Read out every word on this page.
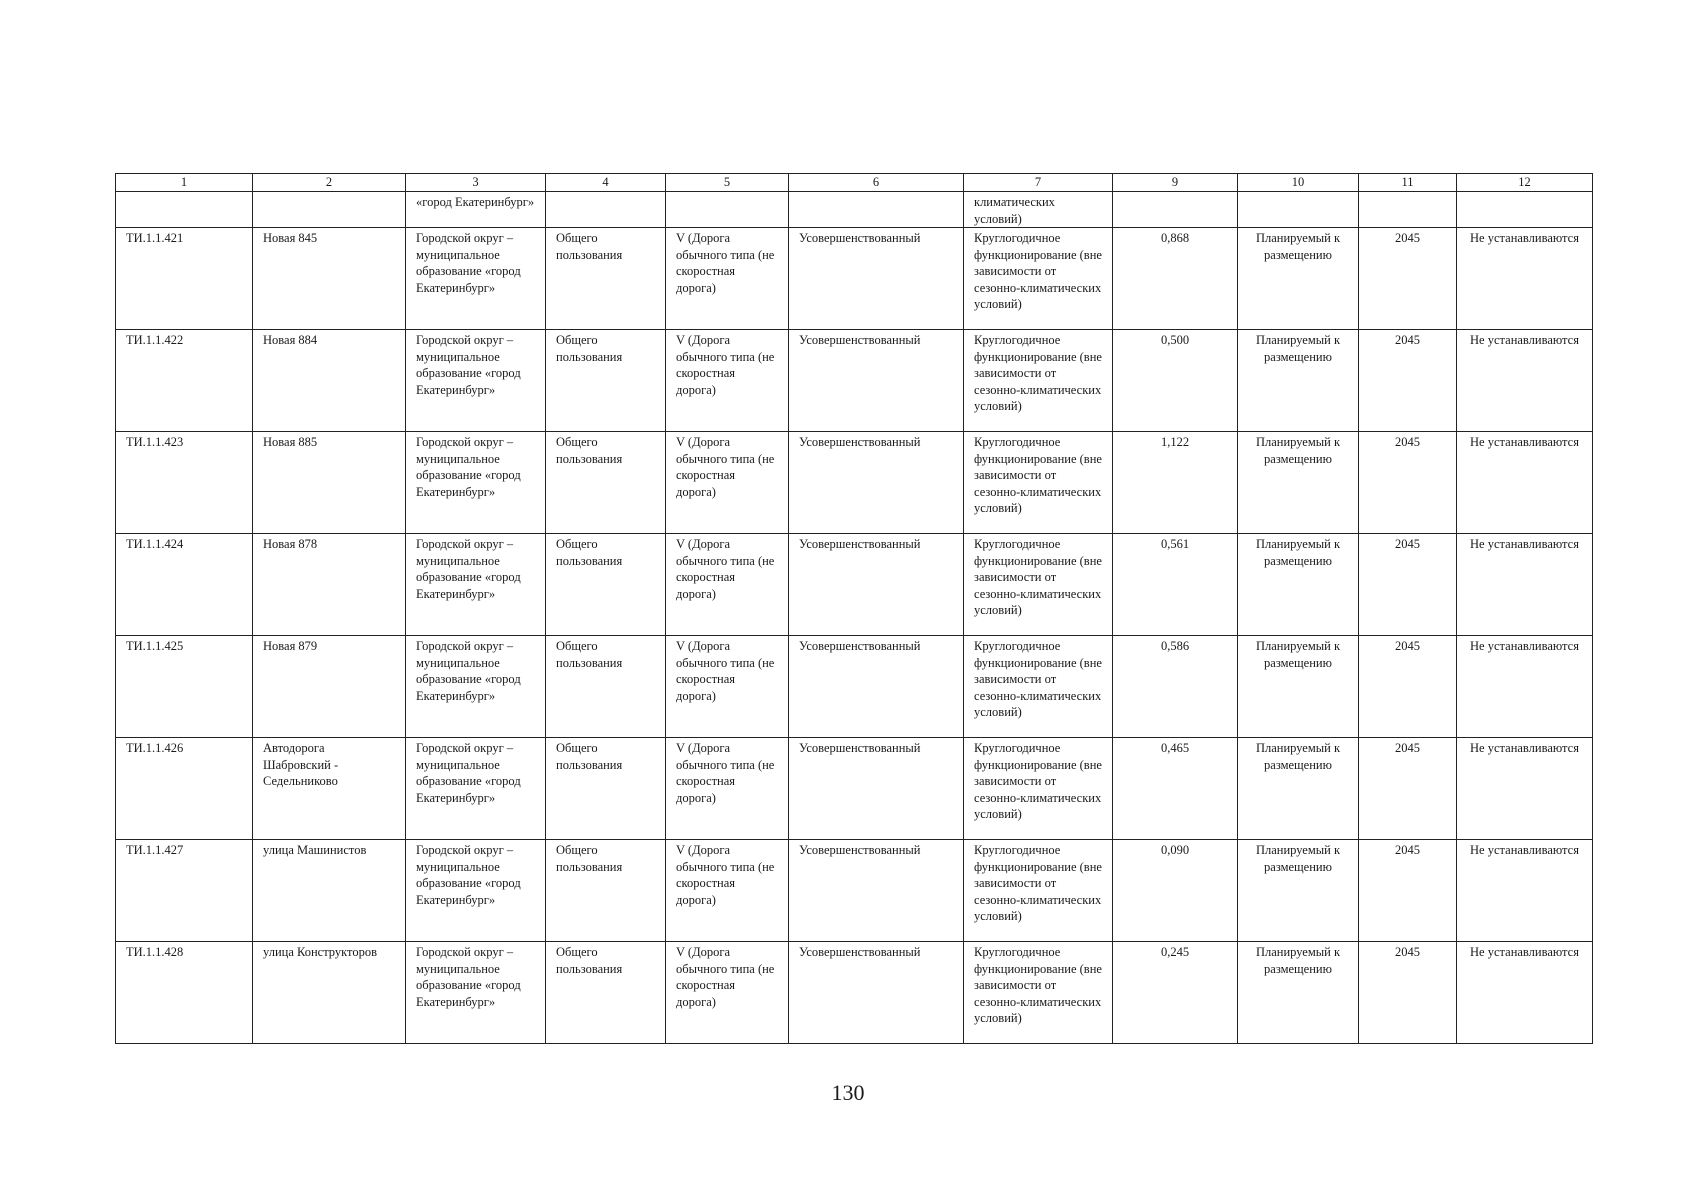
1	2	3	4	5	6	7	9	10	11	12
		«город Екатеринбург»				климатических условий)				
ТИ.1.1.421	Новая 845	Городской округ – муниципальное образование «город Екатеринбург»	Общего пользования	V (Дорога обычного типа (не скоростная дорога)	Усовершенствованный	Круглогодичное функционирование (вне зависимости от сезонно-климатических условий)	0,868	Планируемый к размещению	2045	Не устанавливаются
ТИ.1.1.422	Новая 884	Городской округ – муниципальное образование «город Екатеринбург»	Общего пользования	V (Дорога обычного типа (не скоростная дорога)	Усовершенствованный	Круглогодичное функционирование (вне зависимости от сезонно-климатических условий)	0,500	Планируемый к размещению	2045	Не устанавливаются
ТИ.1.1.423	Новая 885	Городской округ – муниципальное образование «город Екатеринбург»	Общего пользования	V (Дорога обычного типа (не скоростная дорога)	Усовершенствованный	Круглогодичное функционирование (вне зависимости от сезонно-климатических условий)	1,122	Планируемый к размещению	2045	Не устанавливаются
ТИ.1.1.424	Новая 878	Городской округ – муниципальное образование «город Екатеринбург»	Общего пользования	V (Дорога обычного типа (не скоростная дорога)	Усовершенствованный	Круглогодичное функционирование (вне зависимости от сезонно-климатических условий)	0,561	Планируемый к размещению	2045	Не устанавливаются
ТИ.1.1.425	Новая 879	Городской округ – муниципальное образование «город Екатеринбург»	Общего пользования	V (Дорога обычного типа (не скоростная дорога)	Усовершенствованный	Круглогодичное функционирование (вне зависимости от сезонно-климатических условий)	0,586	Планируемый к размещению	2045	Не устанавливаются
ТИ.1.1.426	Автодорога Шабровский - Седельниково	Городской округ – муниципальное образование «город Екатеринбург»	Общего пользования	V (Дорога обычного типа (не скоростная дорога)	Усовершенствованный	Круглогодичное функционирование (вне зависимости от сезонно-климатических условий)	0,465	Планируемый к размещению	2045	Не устанавливаются
ТИ.1.1.427	улица Машинистов	Городской округ – муниципальное образование «город Екатеринбург»	Общего пользования	V (Дорога обычного типа (не скоростная дорога)	Усовершенствованный	Круглогодичное функционирование (вне зависимости от сезонно-климатических условий)	0,090	Планируемый к размещению	2045	Не устанавливаются
ТИ.1.1.428	улица Конструкторов	Городской округ – муниципальное образование «город Екатеринбург»	Общего пользования	V (Дорога обычного типа (не скоростная дорога)	Усовершенствованный	Круглогодичное функционирование (вне зависимости от сезонно-климатических условий)	0,245	Планируемый к размещению	2045	Не устанавливаются
130
